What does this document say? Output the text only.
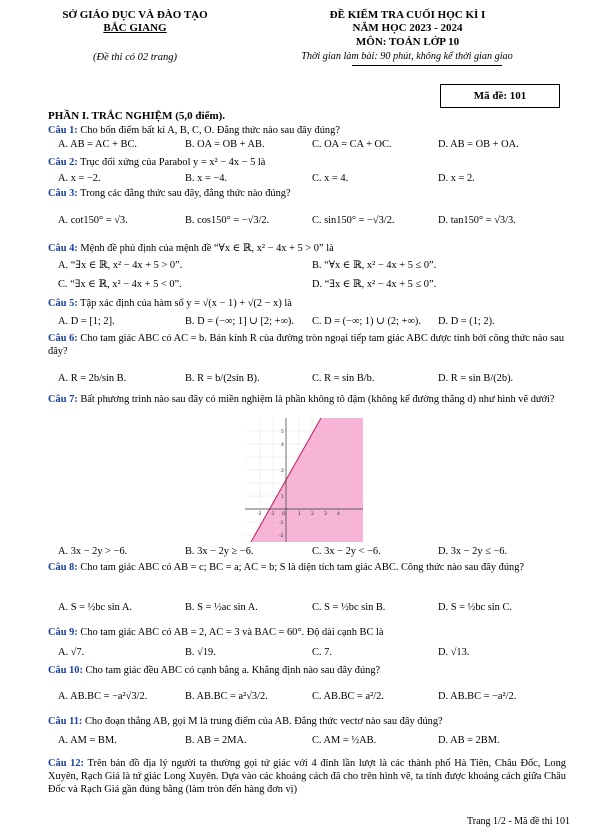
SỞ GIÁO DỤC VÀ ĐÀO TẠO
BẮC GIANG
(Đề thi có 02 trang)
ĐỀ KIỂM TRA CUỐI HỌC KÌ I
NĂM HỌC 2023 - 2024
MÔN: TOÁN LỚP 10
Thời gian làm bài: 90 phút, không kể thời gian giao
Mã đề: 101
PHẦN I. TRẮC NGHIỆM (5,0 điểm).
Câu 1: Cho bốn điểm bất kì A, B, C, O. Đẳng thức nào sau đây đúng?
A. AB = AC + BC.	B. OA = OB + AB.	C. OA = CA + OC.	D. AB = OB + OA.
Câu 2: Trục đối xứng của Parabol y = x² − 4x − 5 là
A. x = −2.	B. x = −4.	C. x = 4.	D. x = 2.
Câu 3: Trong các đẳng thức sau đây, đẳng thức nào đúng?
A. cot150° = √3.	B. cos150° = −√3/2.	C. sin150° = −√3/2.	D. tan150° = √3/3.
Câu 4: Mệnh đề phủ định của mệnh đề “∀x ∈ ℝ, x² − 4x + 5 > 0” là
A. “∃x ∈ ℝ, x² − 4x + 5 > 0”.	B. “∀x ∈ ℝ, x² − 4x + 5 ≤ 0”.
C. “∃x ∈ ℝ, x² − 4x + 5 < 0”.	D. “∃x ∈ ℝ, x² − 4x + 5 ≤ 0”.
Câu 5: Tập xác định của hàm số y = √(x − 1) + √(2 − x) là
A. D = [1; 2].	B. D = (−∞; 1] ∪ [2; +∞). C. D = (−∞; 1) ∪ (2; +∞). D. D = (1; 2).
Câu 6: Cho tam giác ABC có AC = b. Bán kính R của đường tròn ngoại tiếp tam giác ABC được tính bởi công thức nào sau đây?
A. R = 2b/sin B.	B. R = b/(2sin B).	C. R = sin B/b.	D. R = sin B/(2b).
Câu 7: Bất phương trình nào sau đây có miền nghiệm là phần không tô đậm (không kể đường thẳng d) như hình vẽ dưới?
5
4
2
1
-1
-2
-2 -1 O	1 2 3 4
A. 3x − 2y > −6.	B. 3x − 2y ≥ −6.	C. 3x − 2y < −6.	D. 3x − 2y ≤ −6.
Câu 8: Cho tam giác ABC có AB = c; BC = a; AC = b; S là diện tích tam giác ABC. Công thức nào sau đây đúng?
A. S = ½bc sin A.	B. S = ½ac sin A.	C. S = ½bc sin B.	D. S = ½bc sin C.
Câu 9: Cho tam giác ABC có AB = 2, AC = 3 và BAC = 60°. Độ dài cạnh BC là
A. √7.	B. √19.	C. 7.	D. √13.
Câu 10: Cho tam giác đều ABC có cạnh bằng a. Khẳng định nào sau đây đúng?
A. AB.BC = −a²√3/2.	B. AB.BC = a²√3/2.	C. AB.BC = a²/2.	D. AB.BC = −a²/2.
Câu 11: Cho đoạn thẳng AB, gọi M là trung điểm của AB. Đẳng thức vectơ nào sau đây đúng?
A. AM = BM.	B. AB = 2MA.	C. AM = ½AB.	D. AB = 2BM.
Câu 12: Trên bản đồ địa lý người ta thường gọi tứ giác với 4 đỉnh lần lượt là các thành phố Hà Tiên, Châu Đốc, Long Xuyên, Rạch Giá là tứ giác Long Xuyên. Dựa vào các khoảng cách đã cho trên hình vẽ, ta tính được khoảng cách giữa Châu Đốc và Rạch Giá gần đúng bằng (làm tròn đến hàng đơn vị)
Trang 1/2 - Mã đề thi 101
